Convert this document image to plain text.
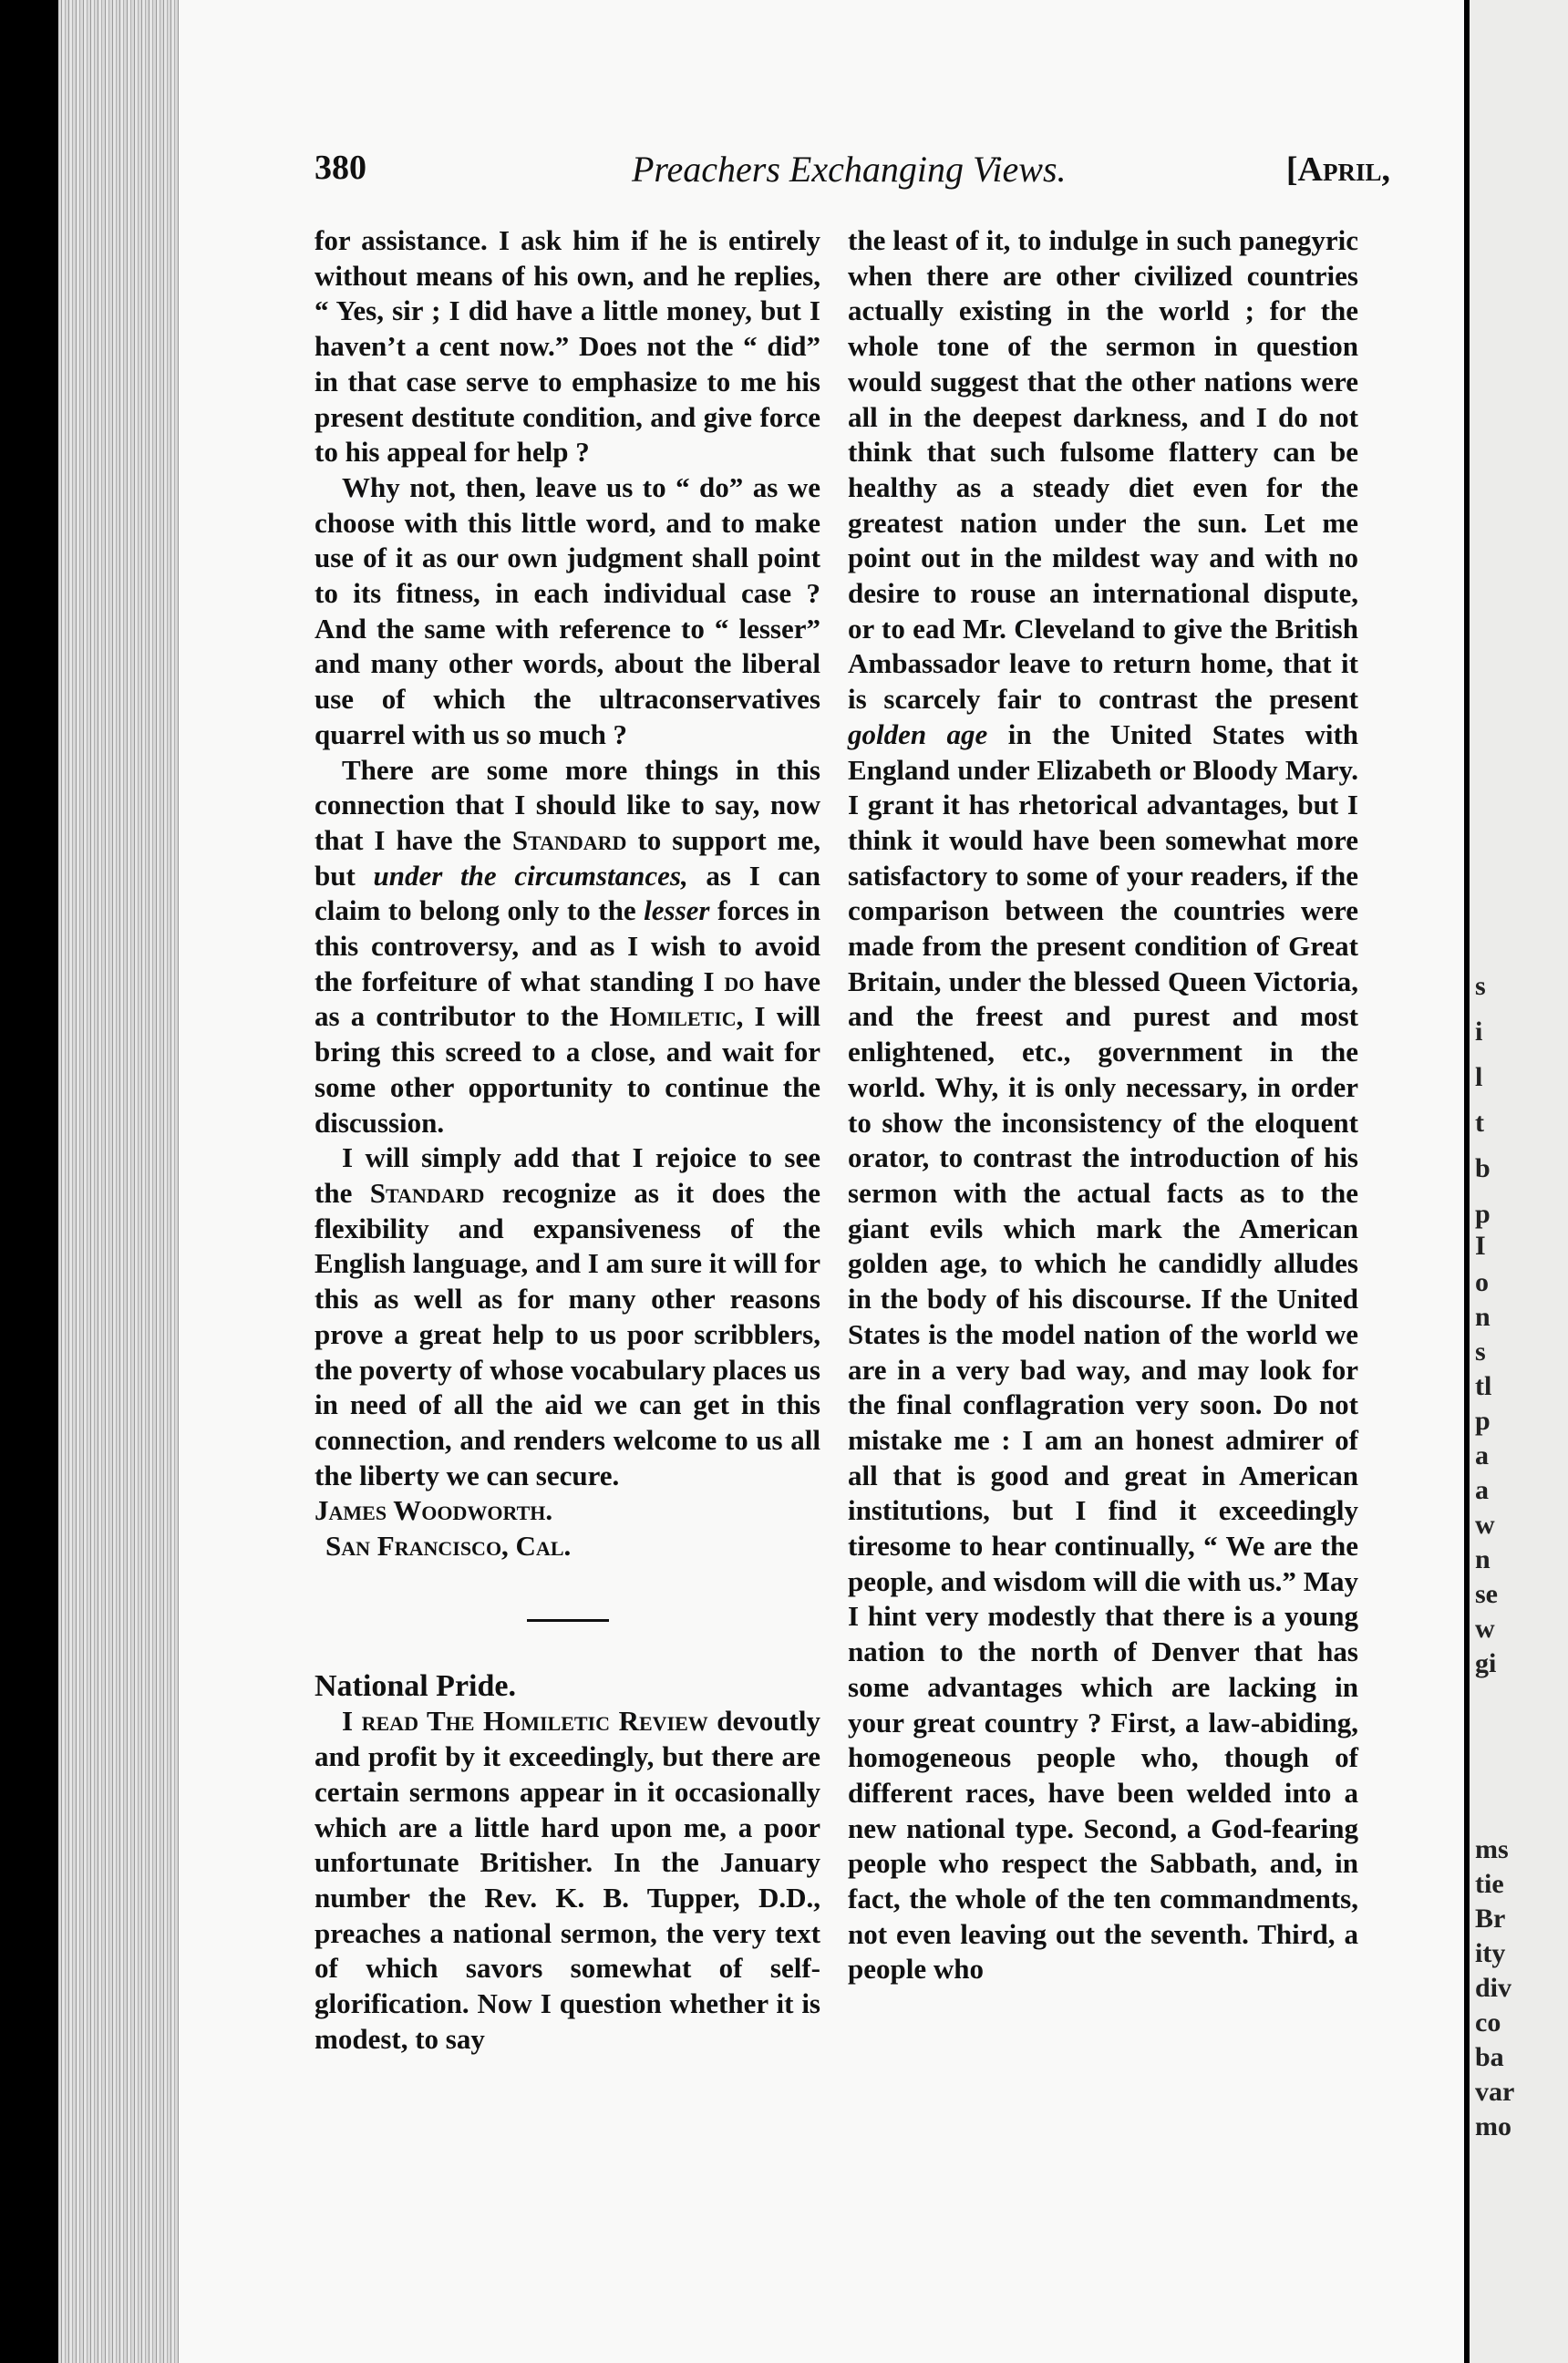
s
i
l
t
b
p
I
o
n
s
tl
p
a
a
w
n
se
w
gi
ms
tie
Br
ity
div
co
ba
var
mo
380	Preachers Exchanging Views.	[April,

for assistance. I ask him if he is entirely without means of his own, and he replies, “ Yes, sir ; I did have a little money, but I haven’t a cent now.” Does not the “ did” in that case serve to emphasize to me his present destitute condition, and give force to his appeal for help ?

Why not, then, leave us to “ do” as we choose with this little word, and to make use of it as our own judgment shall point to its fitness, in each individual case ? And the same with reference to “ lesser” and many other words, about the liberal use of which the ultraconservatives quarrel with us so much ?

There are some more things in this connection that I should like to say, now that I have the Standard to support me, but under the circumstances, as I can claim to belong only to the lesser forces in this controversy, and as I wish to avoid the forfeiture of what standing I do have as a contributor to the Homiletic, I will bring this screed to a close, and wait for some other opportunity to continue the discussion.

I will simply add that I rejoice to see the Standard recognize as it does the flexibility and expansiveness of the English language, and I am sure it will for this as well as for many other reasons prove a great help to us poor scribblers, the poverty of whose vocabulary places us in need of all the aid we can get in this connection, and renders welcome to us all the liberty we can secure.

James Woodworth.

San Francisco, Cal.

National Pride.

I read The Homiletic Review devoutly and profit by it exceedingly, but there are certain sermons appear in it occasionally which are a little hard upon me, a poor unfortunate Britisher. In the January number the Rev. K. B. Tupper, D.D., preaches a national sermon, the very text of which savors somewhat of self-glorification. Now I question whether it is modest, to say

the least of it, to indulge in such panegyric when there are other civilized countries actually existing in the world ; for the whole tone of the sermon in question would suggest that the other nations were all in the deepest darkness, and I do not think that such fulsome flattery can be healthy as a steady diet even for the greatest nation under the sun. Let me point out in the mildest way and with no desire to rouse an international dispute, or to ead Mr. Cleveland to give the British Ambassador leave to return home, that it is scarcely fair to contrast the present golden age in the United States with England under Elizabeth or Bloody Mary. I grant it has rhetorical advantages, but I think it would have been somewhat more satisfactory to some of your readers, if the comparison between the countries were made from the present condition of Great Britain, under the blessed Queen Victoria, and the freest and purest and most enlightened, etc., government in the world. Why, it is only necessary, in order to show the inconsistency of the eloquent orator, to contrast the introduction of his sermon with the actual facts as to the giant evils which mark the American golden age, to which he candidly alludes in the body of his discourse. If the United States is the model nation of the world we are in a very bad way, and may look for the final conflagration very soon. Do not mistake me : I am an honest admirer of all that is good and great in American institutions, but I find it exceedingly tiresome to hear continually, “ We are the people, and wisdom will die with us.” May I hint very modestly that there is a young nation to the north of Denver that has some advantages which are lacking in your great country ? First, a law-abiding, homogeneous people who, though of different races, have been welded into a new national type. Second, a God-fearing people who respect the Sabbath, and, in fact, the whole of the ten commandments, not even leaving out the seventh. Third, a people who
